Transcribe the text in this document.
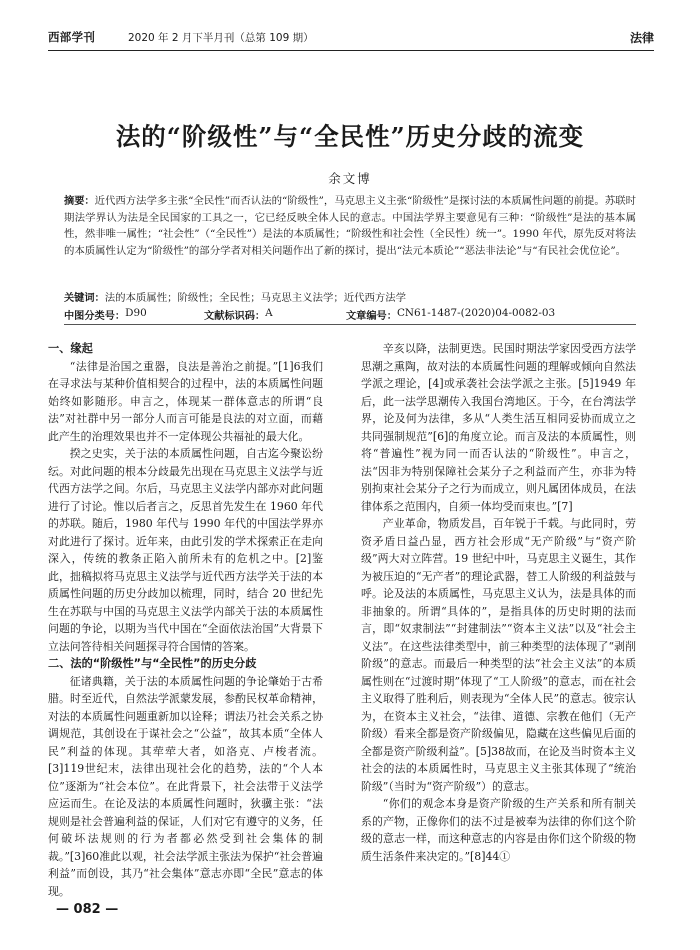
西部学刊	2020 年 2 月下半月刊（总第 109 期）	法律
法的“阶级性”与“全民性”历史分歧的流变
余文博
摘要：近代西方法学多主张“全民性”而否认法的“阶级性”，马克思主义主张“阶级性”是探讨法的本质属性问题的前提。苏联时期法学界认为法是全民国家的工具之一，它已经反映全体人民的意志。中国法学界主要意见有三种：“阶级性”是法的基本属性，然非唯一属性；“社会性”（“全民性”）是法的本质属性；“阶级性和社会性（全民性）统一”。1990 年代，原先反对将法的本质属性认定为“阶级性”的部分学者对相关问题作出了新的探讨，提出“法元本质论”“恶法非法论”与“有民社会优位论”。
关键词：法的本质属性；阶级性；全民性；马克思主义法学；近代西方法学
中图分类号： D90	文献标识码： A	文章编号： CN61-1487-(2020)04-0082-03
一、缘起

“法律是治国之重器，良法是善治之前提。”[1]6我们在寻求法与某种价值相契合的过程中，法的本质属性问题始终如影随形。申言之，体现某一群体意志的所谓“良法”对社群中另一部分人而言可能是良法的对立面，而藉此产生的治理效果也并不一定体现公共福祉的最大化。

揆之史实，关于法的本质属性问题，自古迄今聚讼纷纭。对此问题的根本分歧最先出现在马克思主义法学与近代西方法学之间。尔后，马克思主义法学内部亦对此问题进行了讨论。惟以后者言之，反思首先发生在 1960 年代的苏联。随后，1980 年代与 1990 年代的中国法学界亦对此进行了探讨。近年来，由此引发的学术探索正在走向深入，传统的教条正陷入前所未有的危机之中。[2]鉴此，拙稿拟将马克思主义法学与近代西方法学关于法的本质属性问题的历史分歧加以梳理，同时，结合 20 世纪先生在苏联与中国的马克思主义法学内部关于法的本质属性问题的争论，以期为当代中国在“全面依法治国”大背景下立法问答待相关问题探寻符合国情的答案。

二、法的“阶级性”与“全民性”的历史分歧

征诸典籍，关于法的本质属性问题的争论肇始于古希腊。时至近代，自然法学派蒙发展，参酌民权革命精神，对法的本质属性问题重新加以诠释；谓法乃社会关系之协调规范，其创设在于谋社会之“公益”，故其本质“全体人民”利益的体现。其荦荦大者，如洛克、卢梭者流。[3]119世纪末，法律出现社会化的趋势，法的“个人本位”逐渐为“社会本位”。在此背景下，社会法带于义法学应运而生。在论及法的本质属性问题时，狄骥主张：“法规则是社会普遍利益的保证，人们对它有遵守的义务，任何破坏法规则的行为者都必然受到社会集体的制裁。”[3]60准此以观，社会法学派主张法为保护“社会普遍利益”而创设，其乃“社会集体”意志亦即“全民”意志的体现。

辛亥以降，法制更迭。民国时期法学家因受西方法学思潮之熏陶，故对法的本质属性问题的理解或倾向自然法学派之理论，[4]或承袭社会法学派之主张。[5]1949 年后，此一法学思潮传入我国台湾地区。于今，在台湾法学界，论及何为法律，多从“人类生活互相同妥协而成立之共同强制规范”[6]的角度立论。而言及法的本质属性，则将“普遍性”视为同一而否认法的“阶级性”。申言之，法“因非为特别保障社会某分子之利益而产生，亦非为特别拘束社会某分子之行为而成立，则凡属团体成员，在法律体系之范围内，自须一体均受而束也。”[7]

产业革命，物质发昌，百年锐于千载。与此同时，劳资矛盾日益凸显，西方社会形成“无产阶级”与“资产阶级”两大对立阵营。19 世纪中叶，马克思主义诞生，其作为被压迫的“无产者”的理论武器，替工人阶级的利益鼓与呼。论及法的本质属性，马克思主义认为，法是具体的而非抽象的。所谓“具体的”，是指具体的历史时期的法而言，即“奴隶制法”“封建制法”“资本主义法”以及“社会主义法”。在这些法律类型中，前三种类型的法体现了“剥削阶级”的意志。而最后一种类型的法“社会主义法”的本质属性则在“过渡时期”体现了“工人阶级”的意志，而在社会主义取得了胜利后，则表现为“全体人民”的意志。彼宗认为，在资本主义社会，“法律、道德、宗教在他们（无产阶级）看来全都是资产阶级偏见，隐藏在这些偏见后面的全都是资产阶级利益”。[5]38故而，在论及当时资本主义社会的法的本质属性时，马克思主义主张其体现了“统治阶级”（当时为“资产阶级”）的意志。

“你们的观念本身是资产阶级的生产关系和所有制关系的产物，正像你们的法不过是被奉为法律的你们这个阶级的意志一样，而这种意志的内容是由你们这个阶级的物质生活条件来决定的。”[8]44①

— 082 —
